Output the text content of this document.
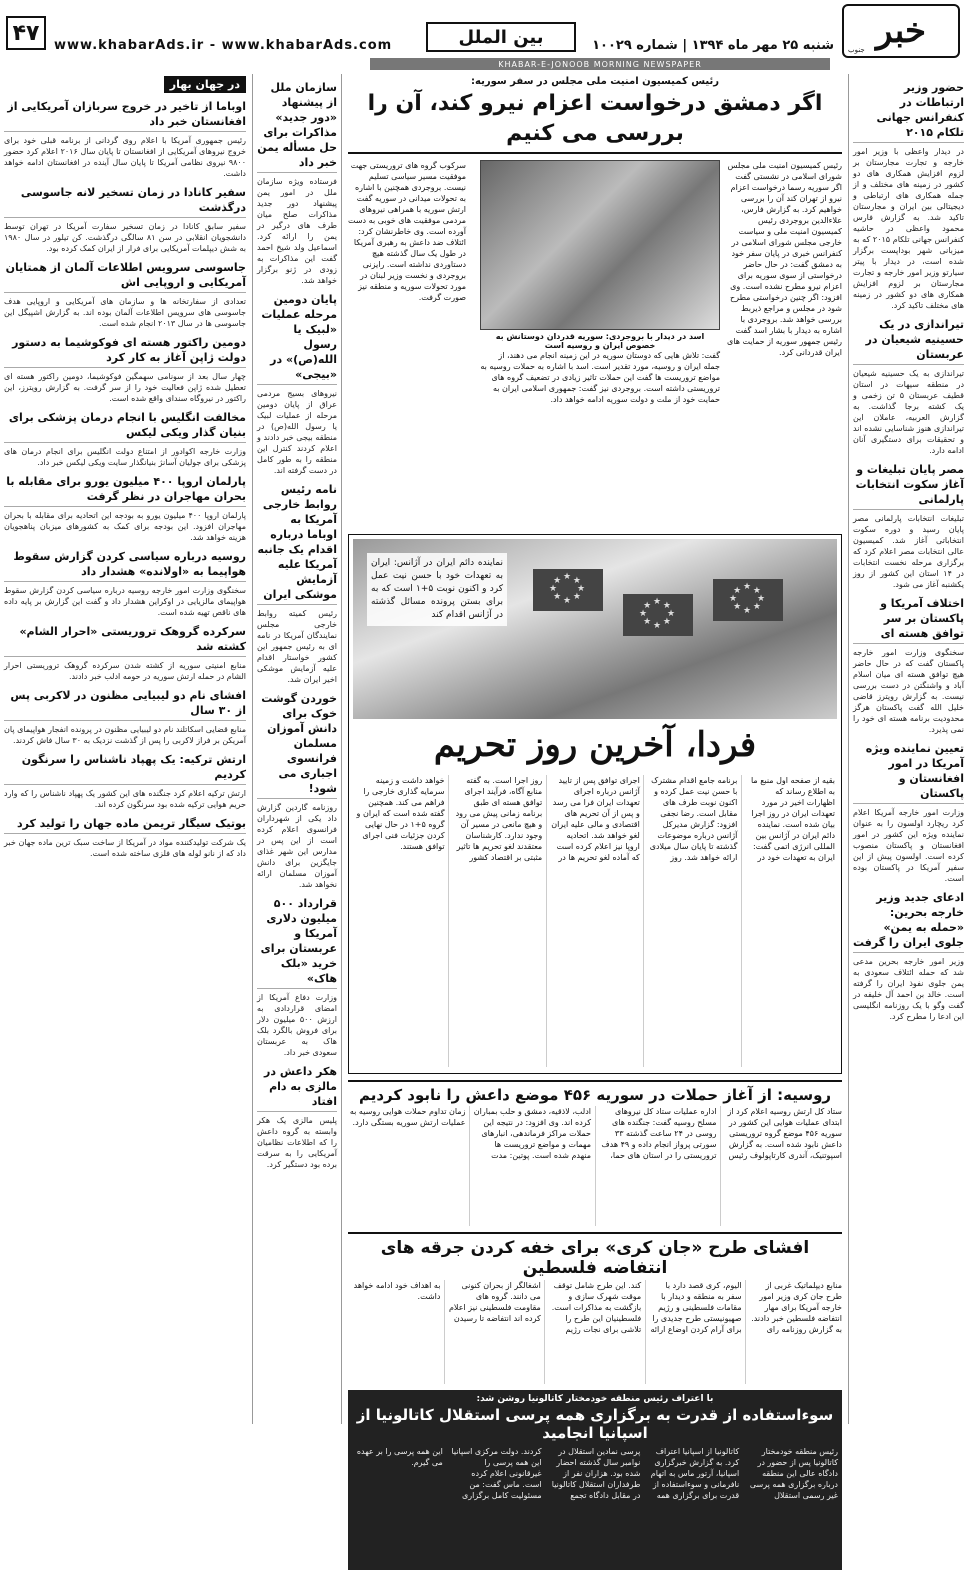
خبر
جنوب
شنبه ۲۵ مهر ماه ۱۳۹۴ | شماره ۱۰۰۲۹
بین الملل
www.khabarAds.ir - www.khabarAds.com
۴۷
KHABAR-E-JONOOB MORNING NEWSPAPER
حضور وزیر ارتباطات در کنفرانس جهانی تلکام ۲۰۱۵
در دیدار واعظی با وزیر امور خارجه و تجارت مجارستان بر لزوم افزایش همکاری های دو کشور در زمینه های مختلف و از جمله همکاری های ارتباطی و دیجیتالی بین ایران و مجارستان تاکید شد. به گزارش فارس محمود واعظی در حاشیه کنفرانس جهانی تلکام ۲۰۱۵ که به میزبانی شهر بوداپست برگزار شده است، در دیدار با پیتر سیارتو وزیر امور خارجه و تجارت مجارستان بر لزوم افزایش همکاری های دو کشور در زمینه های مختلف تاکید کرد.
تیراندازی در یک حسینیه شیعیان در عربستان
تیراندازی به یک حسینیه شیعیان در منطقه سیهات در استان قطیف عربستان ۵ تن زخمی و یک کشته برجا گذاشت. به گزارش العربیه، عاملان این تیراندازی هنوز شناسایی نشده اند و تحقیقات برای دستگیری آنان ادامه دارد.
مصر پایان تبلیغات و آغاز سکوت انتخابات پارلمانی
تبلیغات انتخابات پارلمانی مصر پایان رسید و دوره سکوت انتخاباتی آغاز شد. کمیسیون عالی انتخابات مصر اعلام کرد که برگزاری مرحله نخست انتخابات در ۱۴ استان این کشور از روز یکشنبه آغاز می شود.
اختلاف آمریکا و پاکستان بر سر توافق هسته ای
سخنگوی وزارت امور خارجه پاکستان گفت که در حال حاضر هیچ توافق هسته ای میان اسلام آباد و واشنگتن در دست بررسی نیست. به گزارش رویترز قاضی خلیل الله گفت پاکستان هرگز محدودیت برنامه هسته ای خود را نمی پذیرد.
تعیین نماینده ویژه آمریکا در امور افغانستان و پاکستان
وزارت امور خارجه آمریکا اعلام کرد ریچارد اولسون را به عنوان نماینده ویژه این کشور در امور افغانستان و پاکستان منصوب کرده است. اولسون پیش از این سفیر آمریکا در پاکستان بوده است.
ادعای جدید وزیر خارجه بحرین: «حمله به یمن» جلوی ایران را گرفت
وزیر امور خارجه بحرین مدعی شد که حمله ائتلاف سعودی به یمن جلوی نفوذ ایران را گرفته است. خالد بن احمد آل خلیفه در گفت وگو با یک روزنامه انگلیسی این ادعا را مطرح کرد.
رئیس کمیسیون امنیت ملی مجلس در سفر سوریه:
اگر دمشق درخواست اعزام نیرو کند، آن را بررسی می کنیم
رئیس کمیسیون امنیت ملی مجلس شورای اسلامی در نشستی گفت اگر سوریه رسما درخواست اعزام نیرو از تهران کند آن را بررسی خواهیم کرد. به گزارش فارس، علاءالدین بروجردی رئیس کمیسیون امنیت ملی و سیاست خارجی مجلس شورای اسلامی در کنفرانس خبری در پایان سفر خود به دمشق گفت: در حال حاضر درخواستی از سوی سوریه برای اعزام نیرو مطرح نشده است. وی افزود: اگر چنین درخواستی مطرح شود در مجلس و مراجع ذیربط بررسی خواهد شد. بروجردی با اشاره به دیدار با بشار اسد گفت رئیس جمهور سوریه از حمایت های ایران قدردانی کرد.
اسد در دیدار با بروجردی: سوریه قدردان دوستانش به خصوص ایران و روسیه است
گفت: تلاش هایی که دوستان سوریه در این زمینه انجام می دهند، از جمله ایران و روسیه، مورد تقدیر است. اسد با اشاره به حملات روسیه به مواضع تروریست ها گفت این حملات تاثیر زیادی در تضعیف گروه های تروریستی داشته است. بروجردی نیز گفت: جمهوری اسلامی ایران به حمایت خود از ملت و دولت سوریه ادامه خواهد داد.
سرکوب گروه های تروریستی جهت موفقیت مسیر سیاسی تسلیم نیست. بروجردی همچنین با اشاره به تحولات میدانی در سوریه گفت ارتش سوریه با همراهی نیروهای مردمی موفقیت های خوبی به دست آورده است. وی خاطرنشان کرد: ائتلاف ضد داعش به رهبری آمریکا در طول یک سال گذشته هیچ دستاوردی نداشته است. رایزنی بروجردی و نخست وزیر لبنان در مورد تحولات سوریه و منطقه نیز صورت گرفت.
★
★
★
★
★
★ ★ ★
★
★
★
★
★
★ ★ ★
★
★
★
★
★
★ ★ ★
نماینده دائم ایران در آژانس: ایران به تعهدات خود با حسن نیت عمل کرد و اکنون نوبت ۵+۱ است که به برای بستن پرونده مسائل گذشته در آژانس اقدام کند
فردا، آخرین روز تحریم
بقیه از صفحه اول منبع ما به اطلاع رساند که اظهارات اخیر در مورد تعهدات ایران در روز اجرا بیان شده است. نماینده دائم ایران در آژانس بین المللی انرژی اتمی گفت: ایران به تعهدات خود در برنامه جامع اقدام مشترک با حسن نیت عمل کرده و اکنون نوبت طرف های مقابل است. رضا نجفی افزود: گزارش مدیرکل آژانس درباره موضوعات گذشته تا پایان سال میلادی ارائه خواهد شد. روز اجرای توافق پس از تایید آژانس درباره اجرای تعهدات ایران فرا می رسد و پس از آن تحریم های اقتصادی و مالی علیه ایران لغو خواهد شد. اتحادیه اروپا نیز اعلام کرده است که آماده لغو تحریم ها در روز اجرا است. به گفته منابع آگاه، فرآیند اجرای توافق هسته ای طبق برنامه زمانی پیش می رود و هیچ مانعی در مسیر آن وجود ندارد. کارشناسان معتقدند لغو تحریم ها تاثیر مثبتی بر اقتصاد کشور خواهد داشت و زمینه سرمایه گذاری خارجی را فراهم می کند. همچنین گفته شده است که ایران و گروه ۵+۱ در حال نهایی کردن جزئیات فنی اجرای توافق هستند.
روسیه: از آغاز حملات در سوریه ۴۵۶ موضع داعش را نابود کردیم
ستاد کل ارتش روسیه اعلام کرد از ابتدای عملیات هوایی این کشور در سوریه ۴۵۶ موضع گروه تروریستی داعش نابود شده است. به گزارش اسپوتنیک، آندری کارتاپولوف رئیس اداره عملیات ستاد کل نیروهای مسلح روسیه گفت: جنگنده های روسی در ۲۴ ساعت گذشته ۳۳ سورتی پرواز انجام داده و ۴۹ هدف تروریستی را در استان های حما، ادلب، لاذقیه، دمشق و حلب بمباران کرده اند. وی افزود: در نتیجه این حملات مراکز فرماندهی، انبارهای مهمات و مواضع تروریست ها منهدم شده است. پوتین: مدت زمان تداوم حملات هوایی روسیه به عملیات ارتش سوریه بستگی دارد.
افشای طرح «جان کری» برای خفه کردن جرقه های انتفاضه فلسطین
منابع دیپلماتیک غربی از طرح جان کری وزیر امور خارجه آمریکا برای مهار انتفاضه فلسطین خبر دادند. به گزارش روزنامه رای الیوم، کری قصد دارد با سفر به منطقه و دیدار با مقامات فلسطینی و رژیم صهیونیستی طرح جدیدی را برای آرام کردن اوضاع ارائه کند. این طرح شامل توقف موقت شهرک سازی و بازگشت به مذاکرات است. فلسطینیان این طرح را تلاشی برای نجات رژیم اشغالگر از بحران کنونی می دانند. گروه های مقاومت فلسطینی نیز اعلام کرده اند انتفاضه تا رسیدن به اهداف خود ادامه خواهد داشت.
با اعتراف رئیس منطقه خودمختار کاتالونیا روشن شد:
سوءاستفاده از قدرت به برگزاری همه پرسی استقلال کاتالونیا از اسپانیا انجامید
رئیس منطقه خودمختار کاتالونیا پس از حضور در دادگاه عالی این منطقه درباره برگزاری همه پرسی غیر رسمی استقلال کاتالونیا از اسپانیا اعتراف کرد. به گزارش خبرگزاری اسپانیا، آرتور ماس به اتهام نافرمانی و سوءاستفاده از قدرت برای برگزاری همه پرسی نمادین استقلال در نوامبر سال گذشته احضار شده بود. هزاران نفر از طرفداران استقلال کاتالونیا در مقابل دادگاه تجمع کردند. دولت مرکزی اسپانیا این همه پرسی را غیرقانونی اعلام کرده است. ماس گفت: من مسئولیت کامل برگزاری این همه پرسی را بر عهده می گیرم.
سازمان ملل از پیشنهاد «دور جدید» مذاکرات برای حل مسأله یمن خبر داد
فرستاده ویژه سازمان ملل در امور یمن پیشنهاد دور جدید مذاکرات صلح میان طرف های درگیر در یمن را ارائه کرد. اسماعیل ولد شیخ احمد گفت این مذاکرات به زودی در ژنو برگزار خواهد شد.
پایان دومین مرحله عملیات «لبیک یا رسول الله(ص)» در «بیجی»
نیروهای بسیج مردمی عراق از پایان دومین مرحله از عملیات لبیک یا رسول الله(ص) در منطقه بیجی خبر دادند و اعلام کردند کنترل این منطقه را به طور کامل در دست گرفته اند.
نامه رئیس روابط خارجی آمریکا به اوباما درباره اقدام یک جانبه آمریکا علیه آزمایش موشکی ایران
رئیس کمیته روابط خارجی مجلس نمایندگان آمریکا در نامه ای به رئیس جمهور این کشور خواستار اقدام علیه آزمایش موشکی اخیر ایران شد.
خوردن گوشت خوک برای دانش آموزان مسلمان فرانسوی اجباری می شود!
روزنامه گاردین گزارش داد یکی از شهرداران فرانسوی اعلام کرده است از این پس در مدارس این شهر غذای جایگزین برای دانش آموزان مسلمان ارائه نخواهد شد.
قرارداد ۵۰۰ میلیون دلاری آمریکا و عربستان برای خرید «بلک هاک»
وزارت دفاع آمریکا از امضای قراردادی به ارزش ۵۰۰ میلیون دلار برای فروش بالگرد بلک هاک به عربستان سعودی خبر داد.
هکر داعش در مالزی به دام افتاد
پلیس مالزی یک هکر وابسته به گروه داعش را که اطلاعات نظامیان آمریکایی را به سرقت برده بود دستگیر کرد.
در جهان بهار
اوباما از تاخیر در خروج سربازان آمریکایی از افغانستان خبر داد
رئیس جمهوری آمریکا با اعلام روی گردانی از برنامه قبلی خود برای خروج نیروهای آمریکایی از افغانستان تا پایان سال ۲۰۱۶ اعلام کرد حضور ۹۸۰۰ نیروی نظامی آمریکا تا پایان سال آینده در افغانستان ادامه خواهد داشت.
سفیر کانادا در زمان تسخیر لانه جاسوسی درگذشت
سفیر سابق کانادا در زمان تسخیر سفارت آمریکا در تهران توسط دانشجویان انقلابی در سن ۸۱ سالگی درگذشت. کن تیلور در سال ۱۹۸۰ به شش دیپلمات آمریکایی برای فرار از ایران کمک کرده بود.
جاسوسی سرویس اطلاعات آلمان از همتایان آمریکایی و اروپایی اش
تعدادی از سفارتخانه ها و سازمان های آمریکایی و اروپایی هدف جاسوسی های سرویس اطلاعات آلمان بوده اند. به گزارش اشپیگل این جاسوسی ها در سال ۲۰۱۳ انجام شده است.
دومین راکتور هسته ای فوکوشیما به دستور دولت ژاپن آغاز به کار کرد
چهار سال بعد از سونامی سهمگین فوکوشیما، دومین راکتور هسته ای تعطیل شده ژاپن فعالیت خود را از سر گرفت. به گزارش رویترز، این راکتور در نیروگاه سندای واقع شده است.
مخالفت انگلیس با انجام درمان پزشکی برای بنیان گذار ویکی لیکس
وزارت خارجه اکوادور از امتناع دولت انگلیس برای انجام درمان های پزشکی برای جولیان آسانژ بنیانگذار سایت ویکی لیکس خبر داد.
پارلمان اروپا ۴۰۰ میلیون یورو برای مقابله با بحران مهاجران در نظر گرفت
پارلمان اروپا ۴۰۰ میلیون یورو به بودجه این اتحادیه برای مقابله با بحران مهاجران افزود. این بودجه برای کمک به کشورهای میزبان پناهجویان هزینه خواهد شد.
روسیه درباره سیاسی کردن گزارش سقوط هواپیما به «اولانده» هشدار داد
سخنگوی وزارت امور خارجه روسیه درباره سیاسی کردن گزارش سقوط هواپیمای مالزیایی در اوکراین هشدار داد و گفت این گزارش بر پایه داده های ناقص تهیه شده است.
سرکرده گروهک تروریستی «احرار الشام» کشته شد
منابع امنیتی سوریه از کشته شدن سرکرده گروهک تروریستی احرار الشام در حمله ارتش سوریه در حومه ادلب خبر دادند.
افشای نام دو لیبیایی مظنون در لاکربی پس از ۳۰ سال
منابع قضایی اسکاتلند نام دو لیبیایی مظنون در پرونده انفجار هواپیمای پان آمریکن بر فراز لاکربی را پس از گذشت نزدیک به ۳۰ سال فاش کردند.
ارتش ترکیه: یک پهپاد ناشناس را سرنگون کردیم
ارتش ترکیه اعلام کرد جنگنده های این کشور یک پهپاد ناشناس را که وارد حریم هوایی ترکیه شده بود سرنگون کرده اند.
بوتیک سیگار تریمن ماده جهان را تولید کرد
یک شرکت تولیدکننده مواد در آمریکا از ساخت سبک ترین ماده جهان خبر داد که از نانو لوله های فلزی ساخته شده است.
